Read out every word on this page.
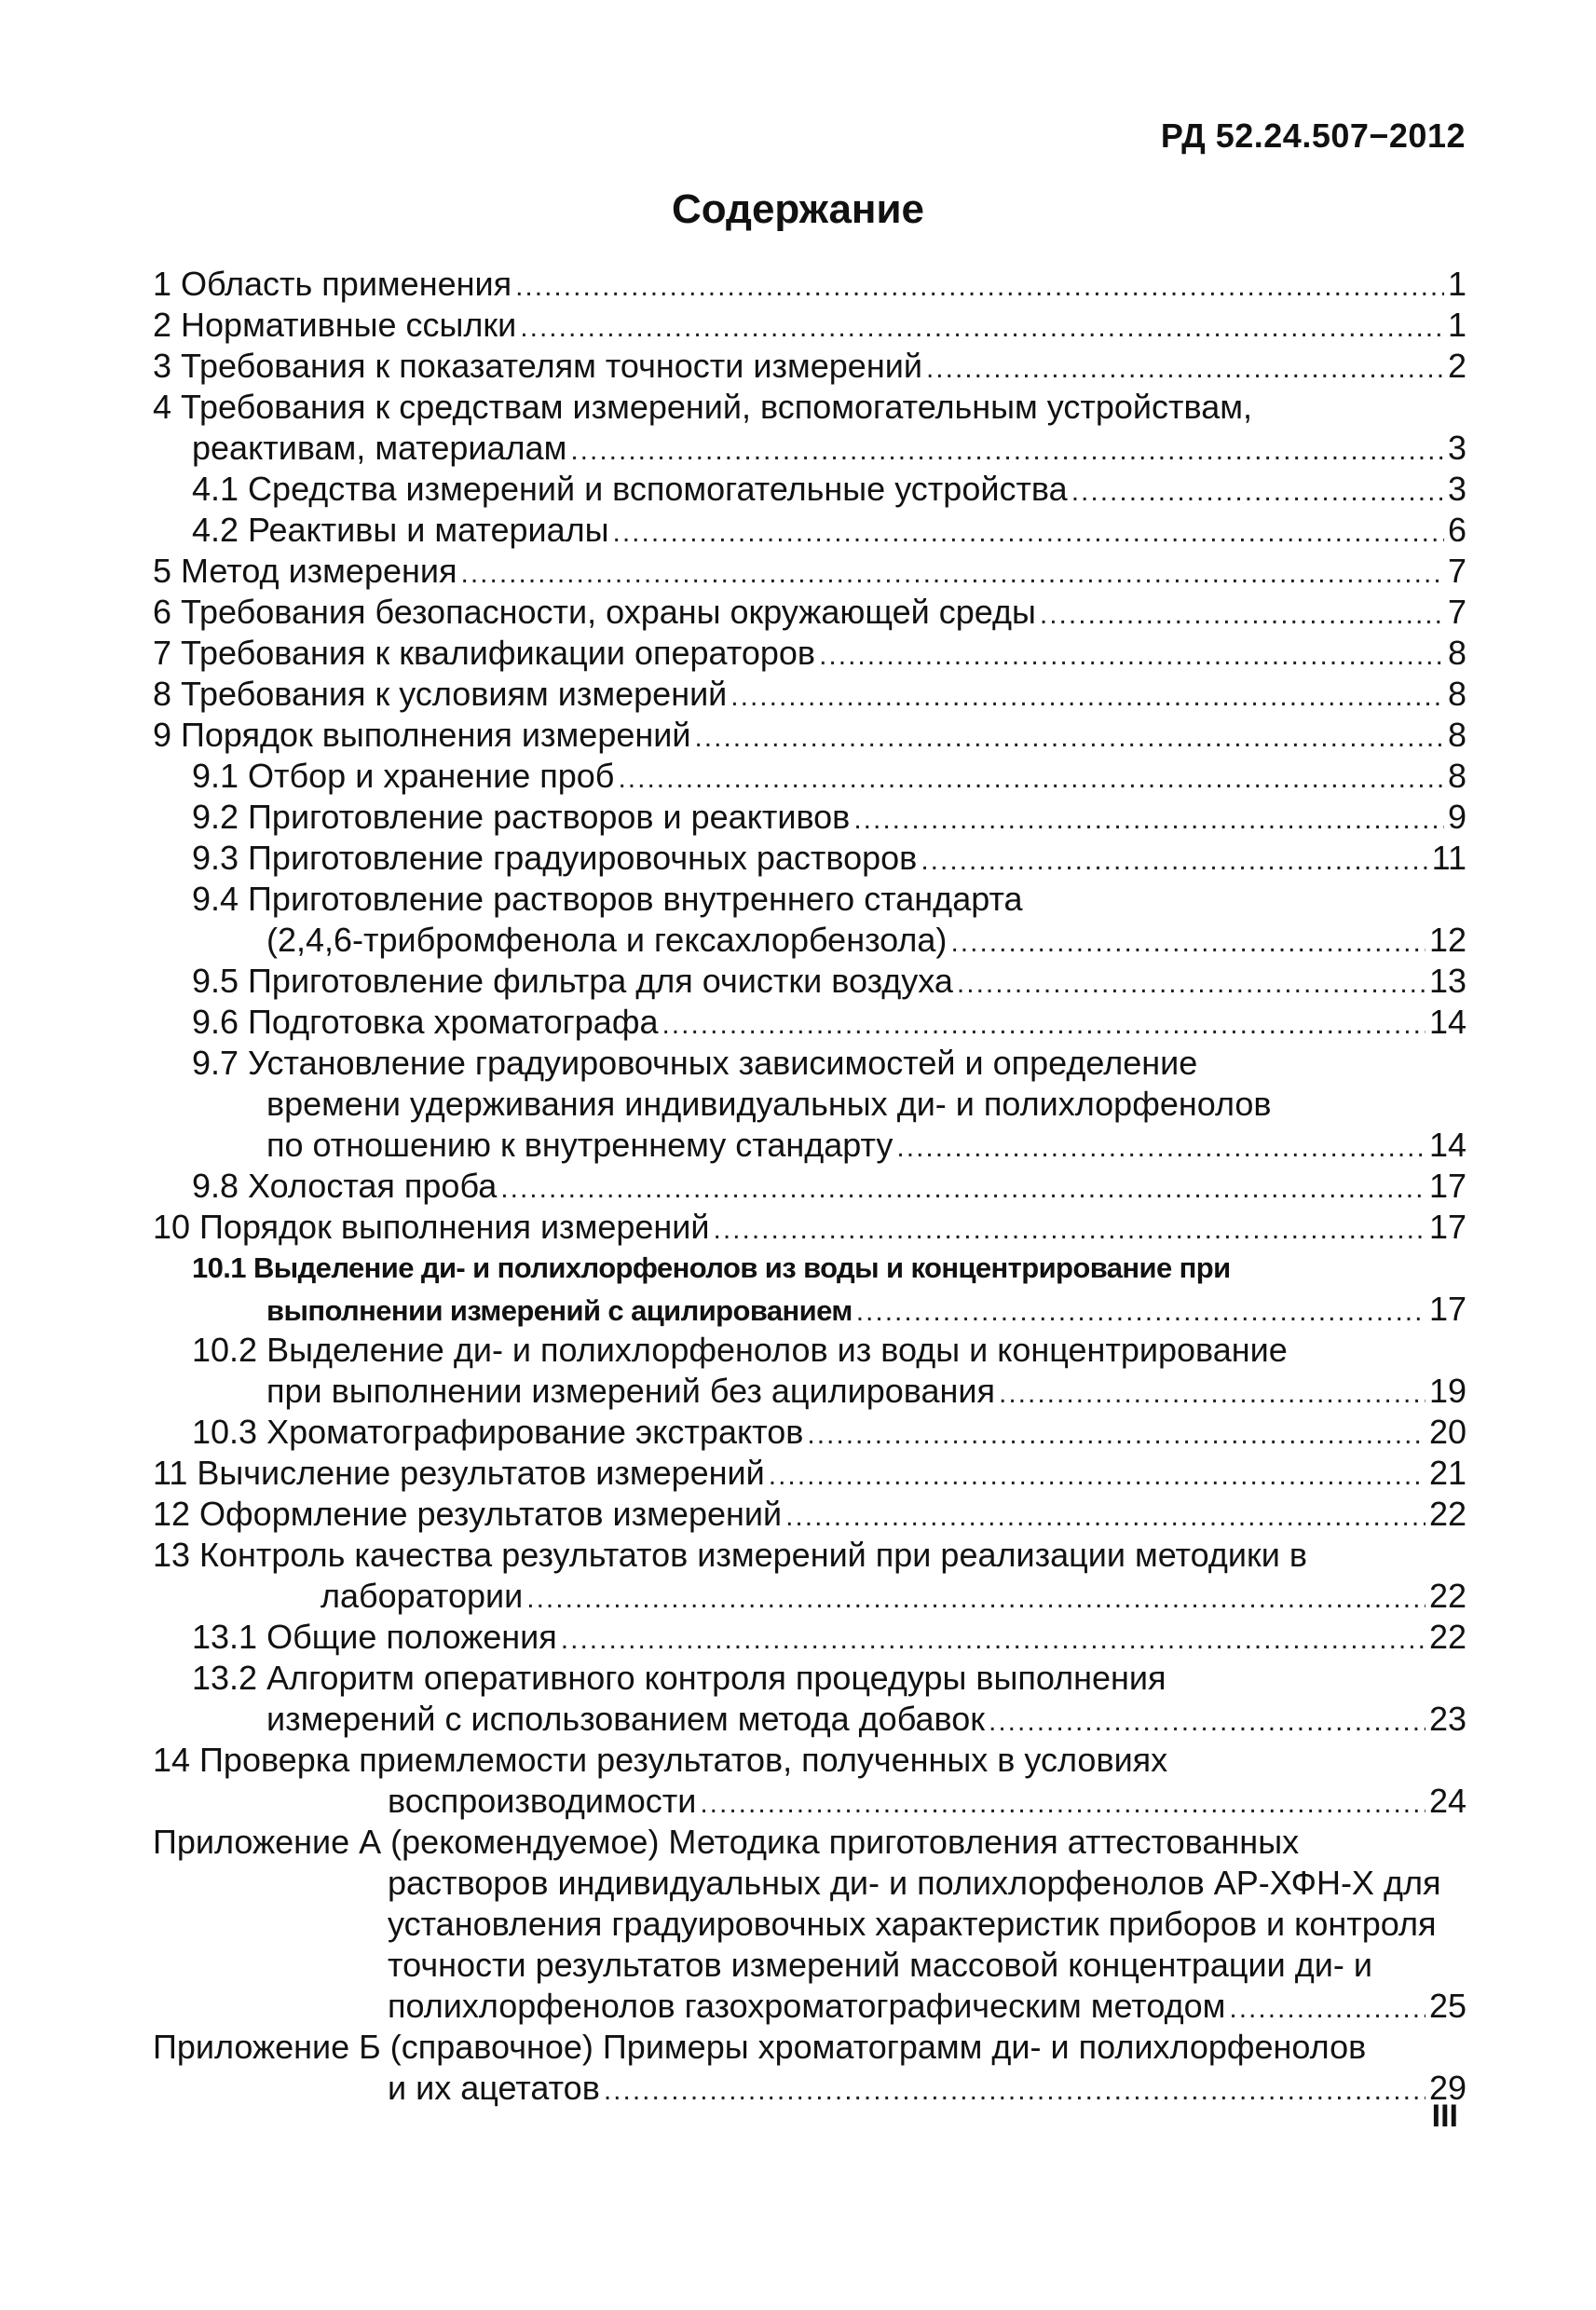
РД 52.24.507−2012
Содержание
1 Область применения .....	1
2 Нормативные ссылки .....	1
3 Требования к показателям точности измерений .....	2
4 Требования к средствам измерений, вспомогательным устройствам,
реактивам, материалам .....	3
4.1 Средства измерений и вспомогательные устройства .....	3
4.2 Реактивы и материалы .....	6
5 Метод измерения .....	7
6 Требования безопасности, охраны окружающей среды .....	7
7 Требования к квалификации операторов .....	8
8 Требования к условиям измерений .....	8
9 Порядок выполнения измерений .....	8
9.1 Отбор и хранение проб .....	8
9.2 Приготовление растворов и реактивов .....	9
9.3 Приготовление градуировочных растворов .....	11
9.4 Приготовление растворов внутреннего стандарта
(2,4,6-трибромфенола и гексахлорбензола) .....	12
9.5 Приготовление фильтра для очистки воздуха .....	13
9.6 Подготовка хроматографа .....	14
9.7 Установление градуировочных зависимостей и определение
времени удерживания индивидуальных ди- и полихлорфенолов
по отношению к внутреннему стандарту .....	14
9.8 Холостая проба .....	17
10 Порядок выполнения измерений .....	17
10.1 Выделение ди- и полихлорфенолов из воды и концентрирование при
выполнении измерений с ацилированием .....	17
10.2 Выделение ди- и полихлорфенолов из воды и концентрирование
при выполнении измерений без ацилирования .....	19
10.3 Хроматографирование экстрактов .....	20
11 Вычисление результатов измерений .....	21
12 Оформление результатов измерений .....	22
13 Контроль качества результатов измерений при реализации методики в
лаборатории .....	22
13.1 Общие положения .....	22
13.2 Алгоритм оперативного контроля процедуры выполнения
измерений с использованием метода добавок .....	23
14 Проверка приемлемости результатов, полученных в условиях
воспроизводимости .....	24
Приложение А (рекомендуемое) Методика приготовления аттестованных
растворов индивидуальных ди- и полихлорфенолов АР-ХФН-Х для
установления градуировочных характеристик приборов и контроля
точности результатов измерений массовой концентрации ди- и
полихлорфенолов газохроматографическим методом .....	25
Приложение Б (справочное) Примеры хроматограмм ди- и полихлорфенолов
и их ацетатов .....	29
III
